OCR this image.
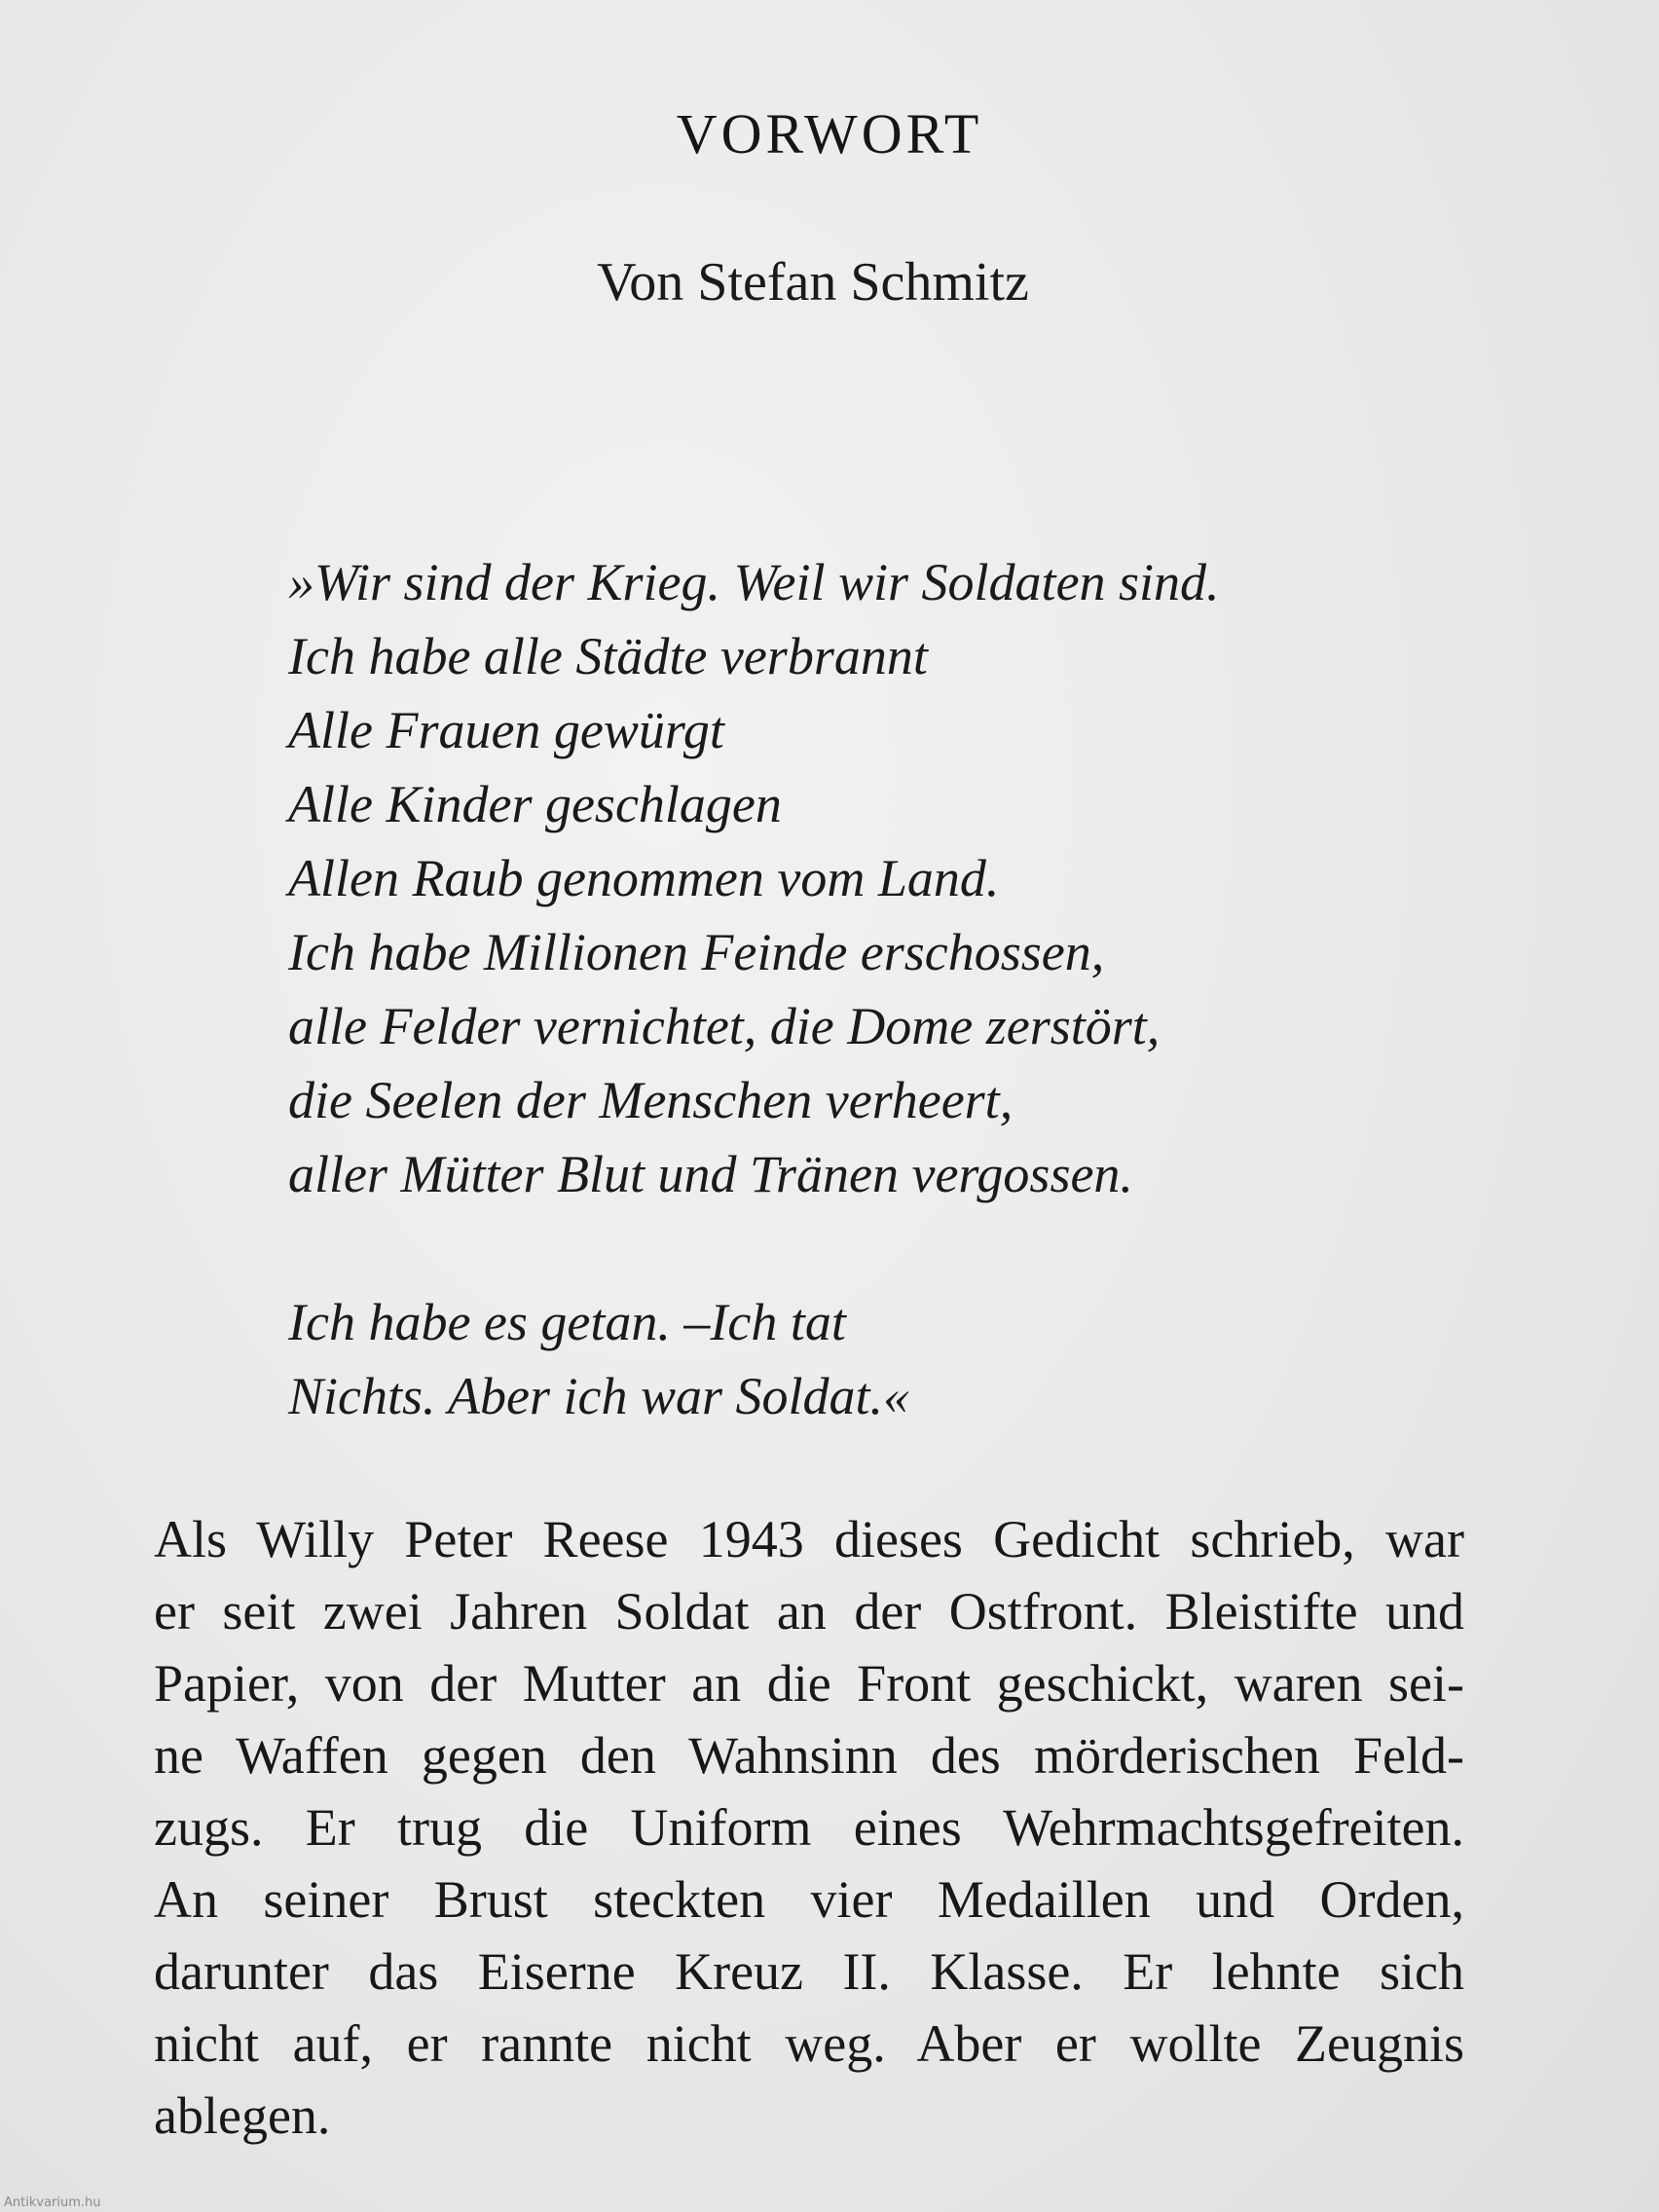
VORWORT
Von Stefan Schmitz
»Wir sind der Krieg. Weil wir Soldaten sind.
Ich habe alle Städte verbrannt
Alle Frauen gewürgt
Alle Kinder geschlagen
Allen Raub genommen vom Land.
Ich habe Millionen Feinde erschossen,
alle Felder vernichtet, die Dome zerstört,
die Seelen der Menschen verheert,
aller Mütter Blut und Tränen vergossen.
Ich habe es getan. –Ich tat
Nichts. Aber ich war Soldat.«
Als Willy Peter Reese 1943 dieses Gedicht schrieb, war
er seit zwei Jahren Soldat an der Ostfront. Bleistifte und
Papier, von der Mutter an die Front geschickt, waren sei-
ne Waffen gegen den Wahnsinn des mörderischen Feld-
zugs. Er trug die Uniform eines Wehrmachtsgefreiten.
An seiner Brust steckten vier Medaillen und Orden,
darunter das Eiserne Kreuz II. Klasse. Er lehnte sich
nicht auf, er rannte nicht weg. Aber er wollte Zeugnis
ablegen.
Antikvarium.hu
